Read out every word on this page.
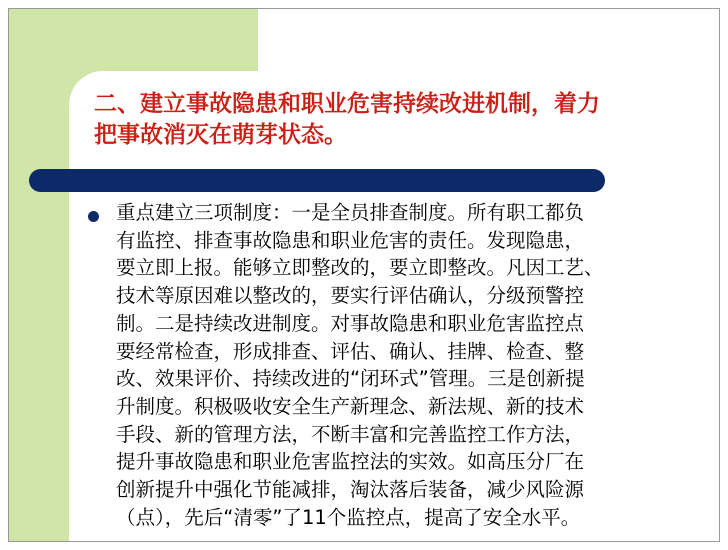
二、建立事故隐患和职业危害持续改进机制，着力
把事故消灭在萌芽状态。
重点建立三项制度：一是全员排查制度。所有职工都负
有监控、排查事故隐患和职业危害的责任。发现隐患，
要立即上报。能够立即整改的，要立即整改。凡因工艺、
技术等原因难以整改的，要实行评估确认，分级预警控
制。二是持续改进制度。对事故隐患和职业危害监控点
要经常检查，形成排查、评估、确认、挂牌、检查、整
改、效果评价、持续改进的“闭环式”管理。三是创新提
升制度。积极吸收安全生产新理念、新法规、新的技术
手段、新的管理方法，不断丰富和完善监控工作方法，
提升事故隐患和职业危害监控法的实效。如高压分厂在
创新提升中强化节能减排，淘汰落后装备，减少风险源
（点），先后“清零”了11个监控点，提高了安全水平。
